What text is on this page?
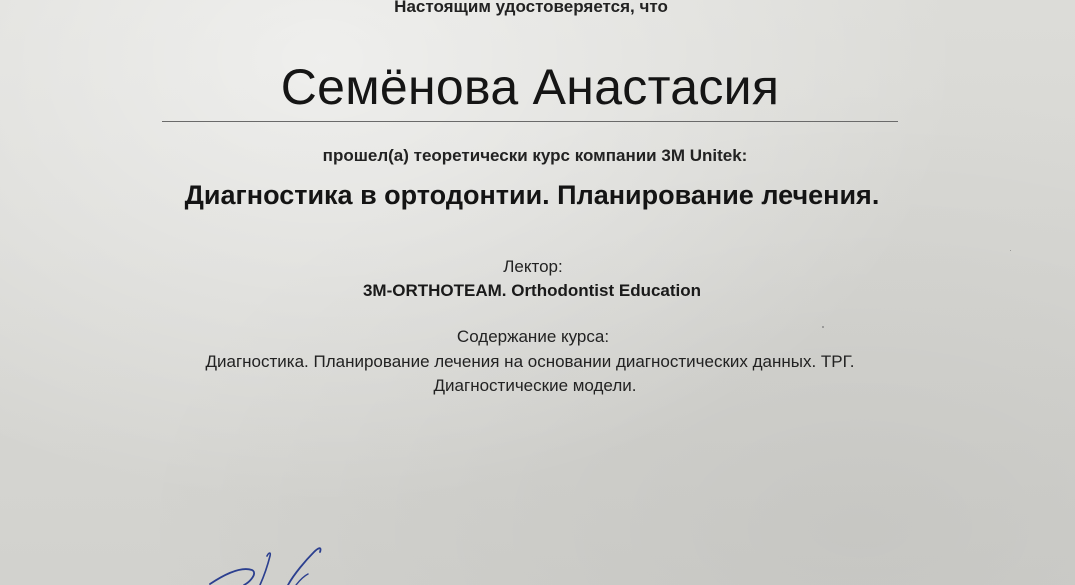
Настоящим удостоверяется, что
Семёнова Анастасия
прошел(а) теоретически курс компании 3M Unitek:
Диагностика в ортодонтии. Планирование лечения.
Лектор:
3M-ORTHOTEAM. Orthodontist Education
Содержание курса:
Диагностика. Планирование лечения на основании диагностических данных. ТРГ.
Диагностические модели.
